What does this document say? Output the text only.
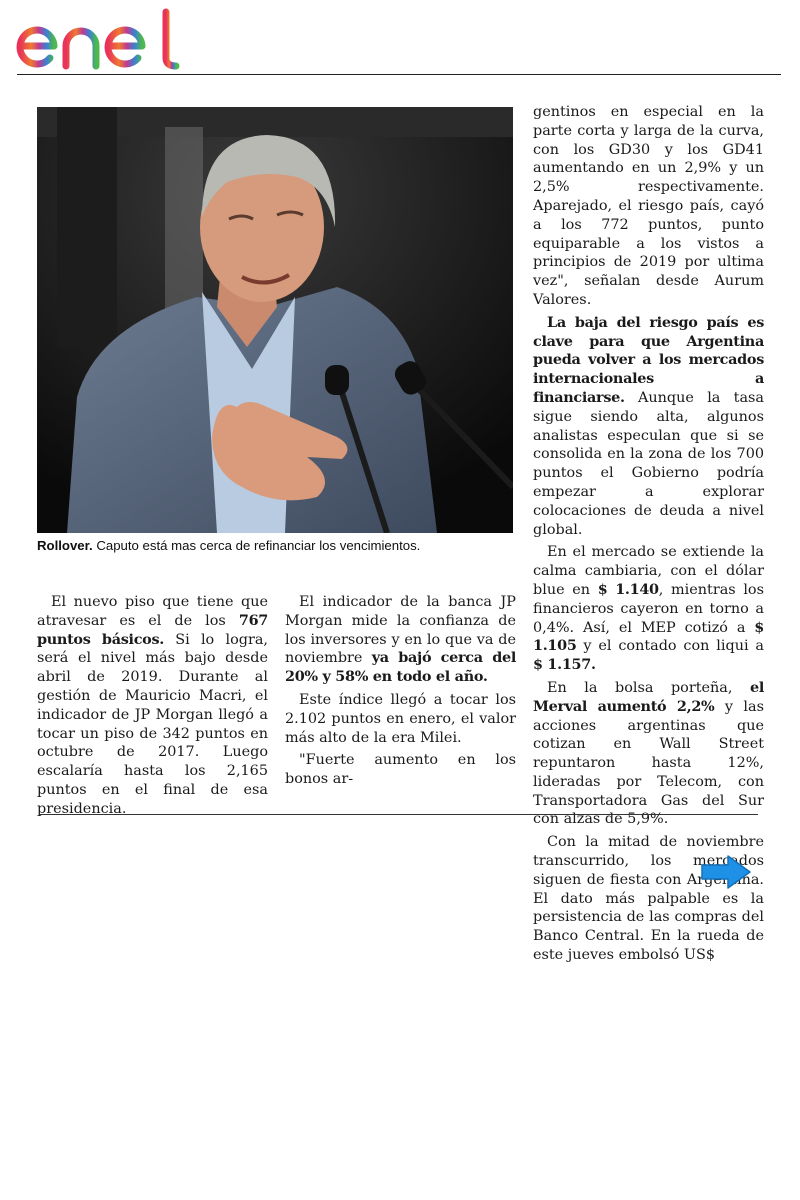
Rollover. Caputo está mas cerca de refinanciar los vencimientos.

El nuevo piso que tiene que atravesar es el de los 767 puntos básicos. Si lo logra, será el nivel más bajo desde abril de 2019. Durante al gestión de Mauricio Macri, el indicador de JP Morgan llegó a tocar un piso de 342 puntos en octubre de 2017. Luego escalaría hasta los 2,165 puntos en el final de esa presidencia.

El indicador de la banca JP Morgan mide la confianza de los inversores y en lo que va de noviembre ya bajó cerca del 20% y 58% en todo el año.

Este índice llegó a tocar los 2.102 puntos en enero, el valor más alto de la era Milei.

"Fuerte aumento en los bonos ar-

gentinos en especial en la parte corta y larga de la curva, con los GD30 y los GD41 aumentando en un 2,9% y un 2,5% respectivamente. Aparejado, el riesgo país, cayó a los 772 puntos, punto equiparable a los vistos a principios de 2019 por ultima vez", señalan desde Aurum Valores.

La baja del riesgo país es clave para que Argentina pueda volver a los mercados internacionales a financiarse. Aunque la tasa sigue siendo alta, algunos analistas especulan que si se consolida en la zona de los 700 puntos el Gobierno podría empezar a explorar colocaciones de deuda a nivel global.

En el mercado se extiende la calma cambiaria, con el dólar blue en $ 1.140, mientras los financieros cayeron en torno a 0,4%. Así, el MEP cotizó a $ 1.105 y el contado con liqui a $ 1.157.

En la bolsa porteña, el Merval aumentó 2,2% y las acciones argentinas que cotizan en Wall Street repuntaron hasta 12%, lideradas por Telecom, con Transportadora Gas del Sur con alzas de 5,9%.

Con la mitad de noviembre transcurrido, los mercados siguen de fiesta con Argentina. El dato más palpable es la persistencia de las compras del Banco Central. En la rueda de este jueves embolsó US$
